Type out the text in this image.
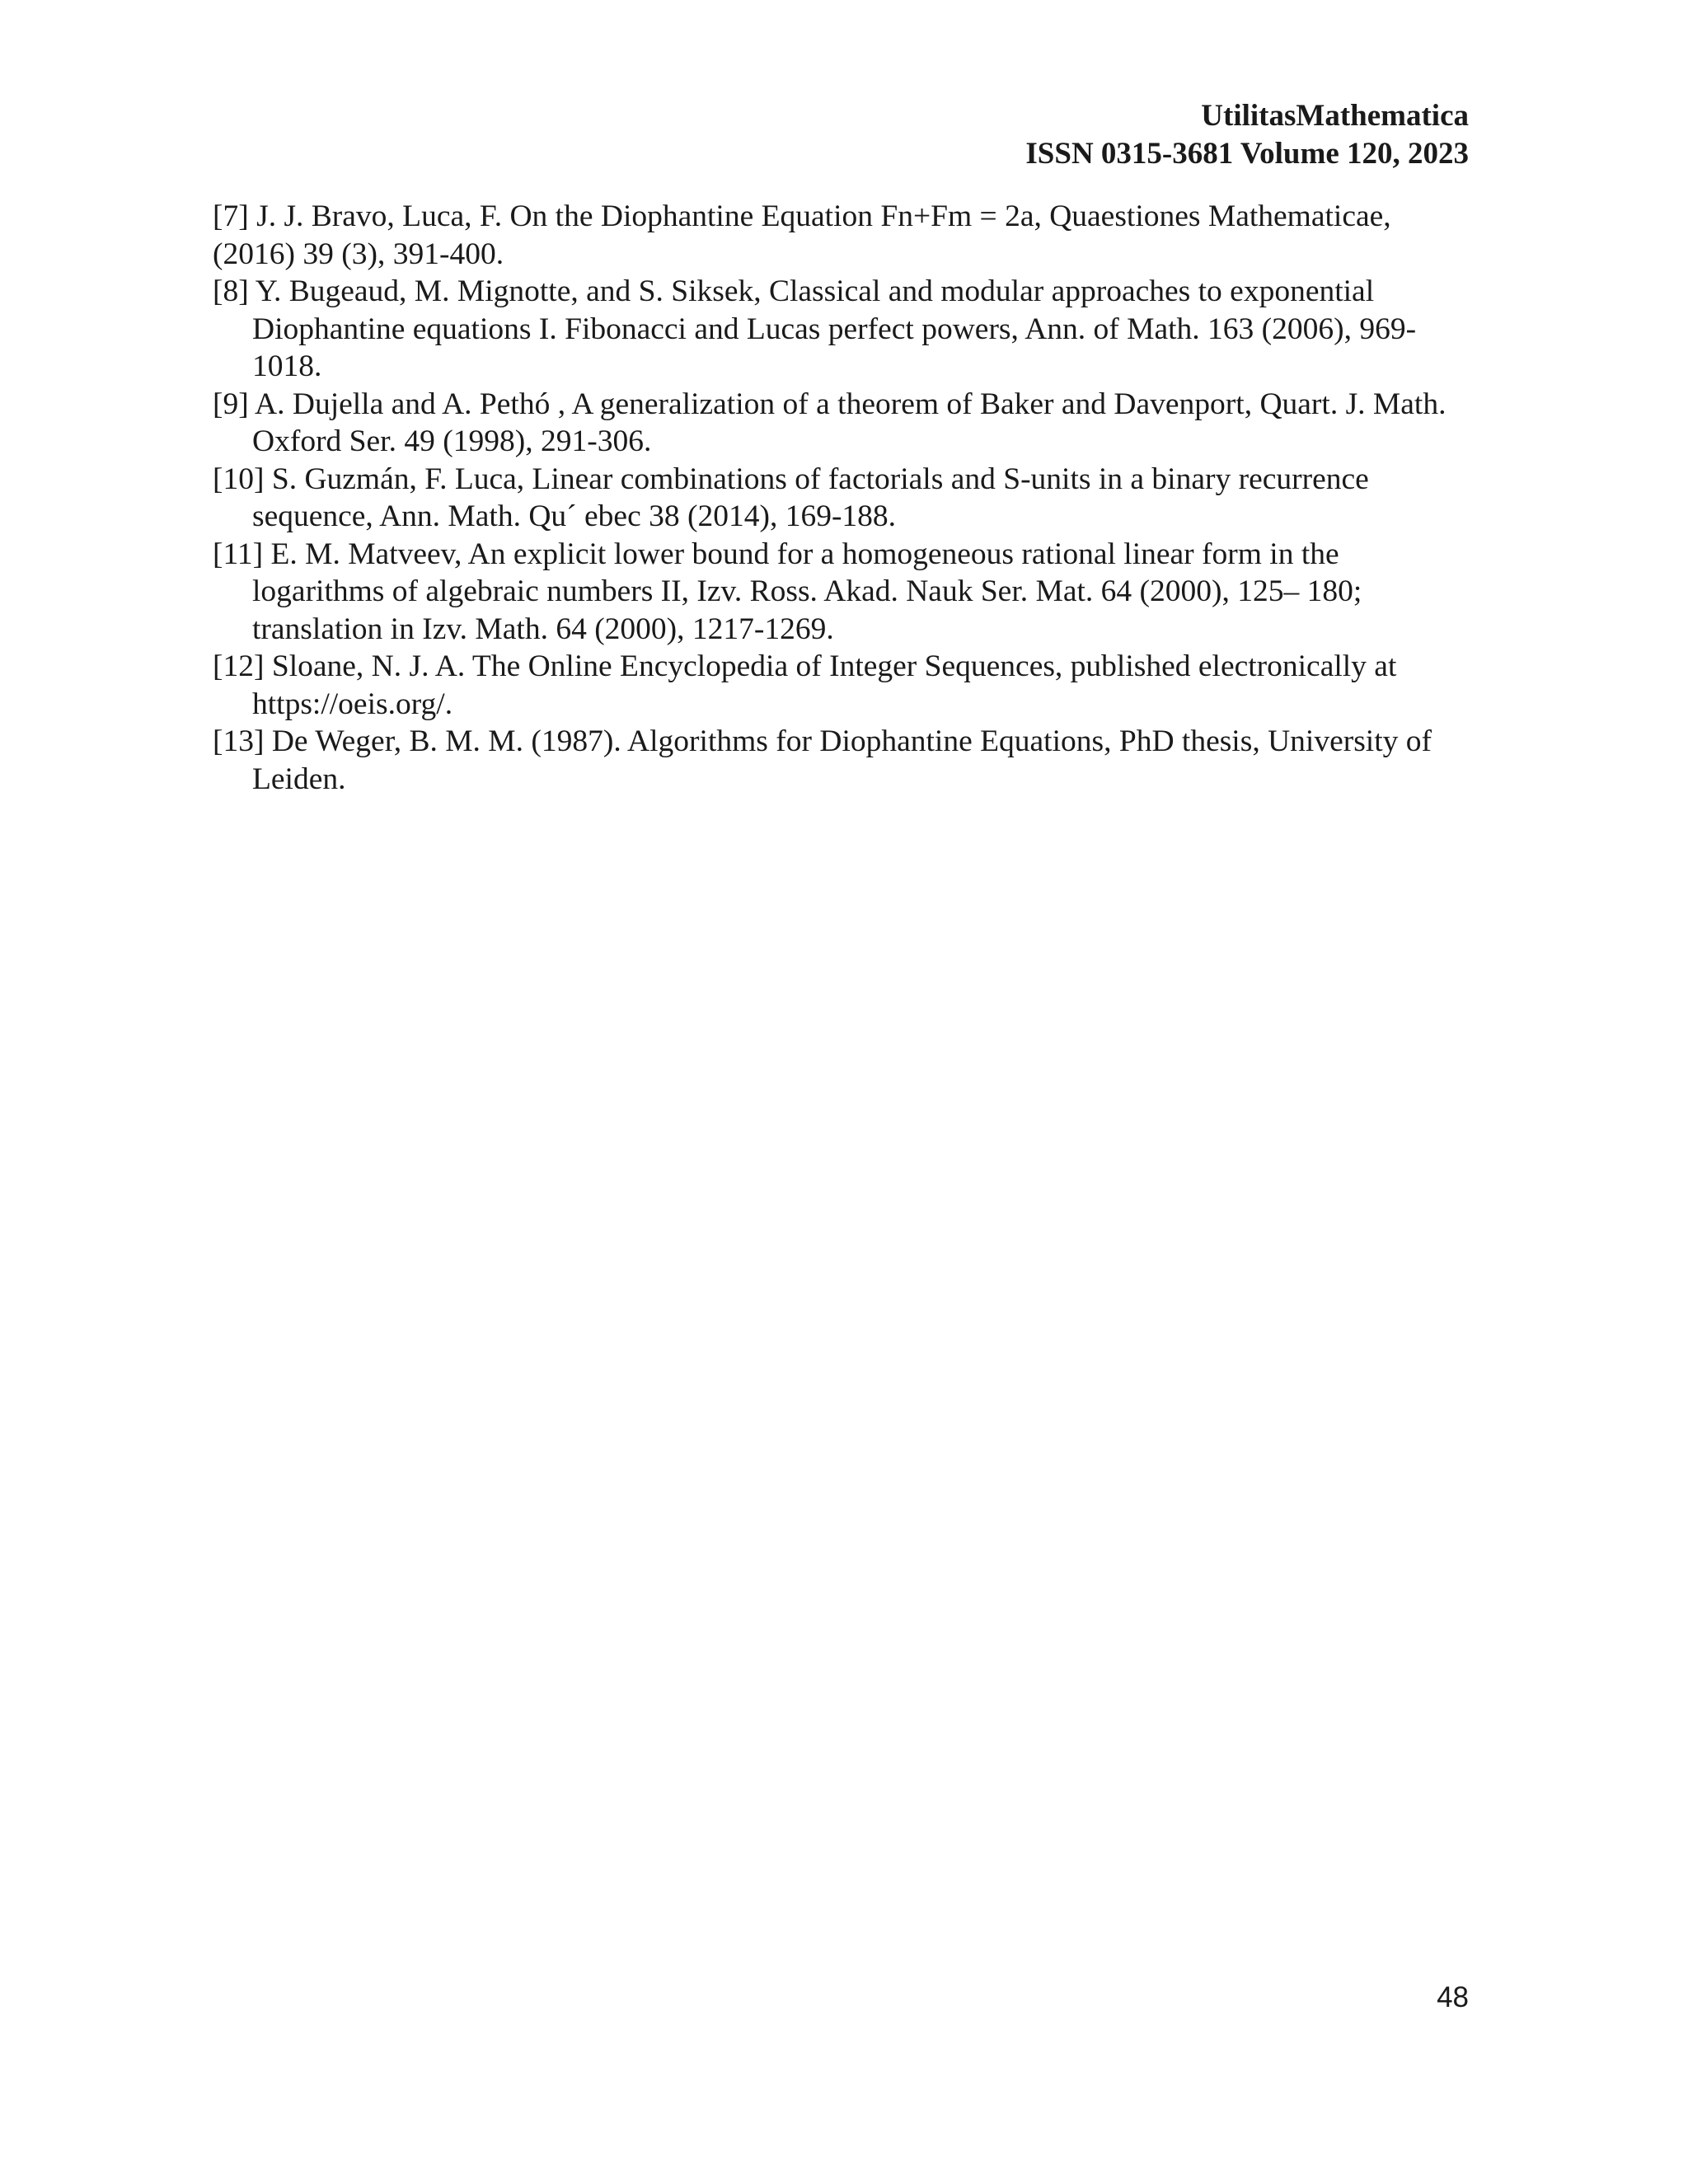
UtilitasMathematica
ISSN 0315-3681 Volume 120, 2023

[7] J. J. Bravo, Luca, F. On the Diophantine Equation Fn+Fm = 2a, Quaestiones Mathematicae, (2016) 39 (3), 391-400.

[8] Y. Bugeaud, M. Mignotte, and S. Siksek, Classical and modular approaches to exponential Diophantine equations I. Fibonacci and Lucas perfect powers, Ann. of Math. 163 (2006), 969-1018.

[9] A. Dujella and A. Pethó , A generalization of a theorem of Baker and Davenport, Quart. J. Math. Oxford Ser. 49 (1998), 291-306.

[10] S. Guzmán, F. Luca, Linear combinations of factorials and S-units in a binary recurrence sequence, Ann. Math. Qu´ ebec 38 (2014), 169-188.

[11] E. M. Matveev, An explicit lower bound for a homogeneous rational linear form in the logarithms of algebraic numbers II, Izv. Ross. Akad. Nauk Ser. Mat. 64 (2000), 125– 180; translation in Izv. Math. 64 (2000), 1217-1269.

[12] Sloane, N. J. A. The Online Encyclopedia of Integer Sequences, published electronically at https://oeis.org/.

[13] De Weger, B. M. M. (1987). Algorithms for Diophantine Equations, PhD thesis, University of Leiden.

48
